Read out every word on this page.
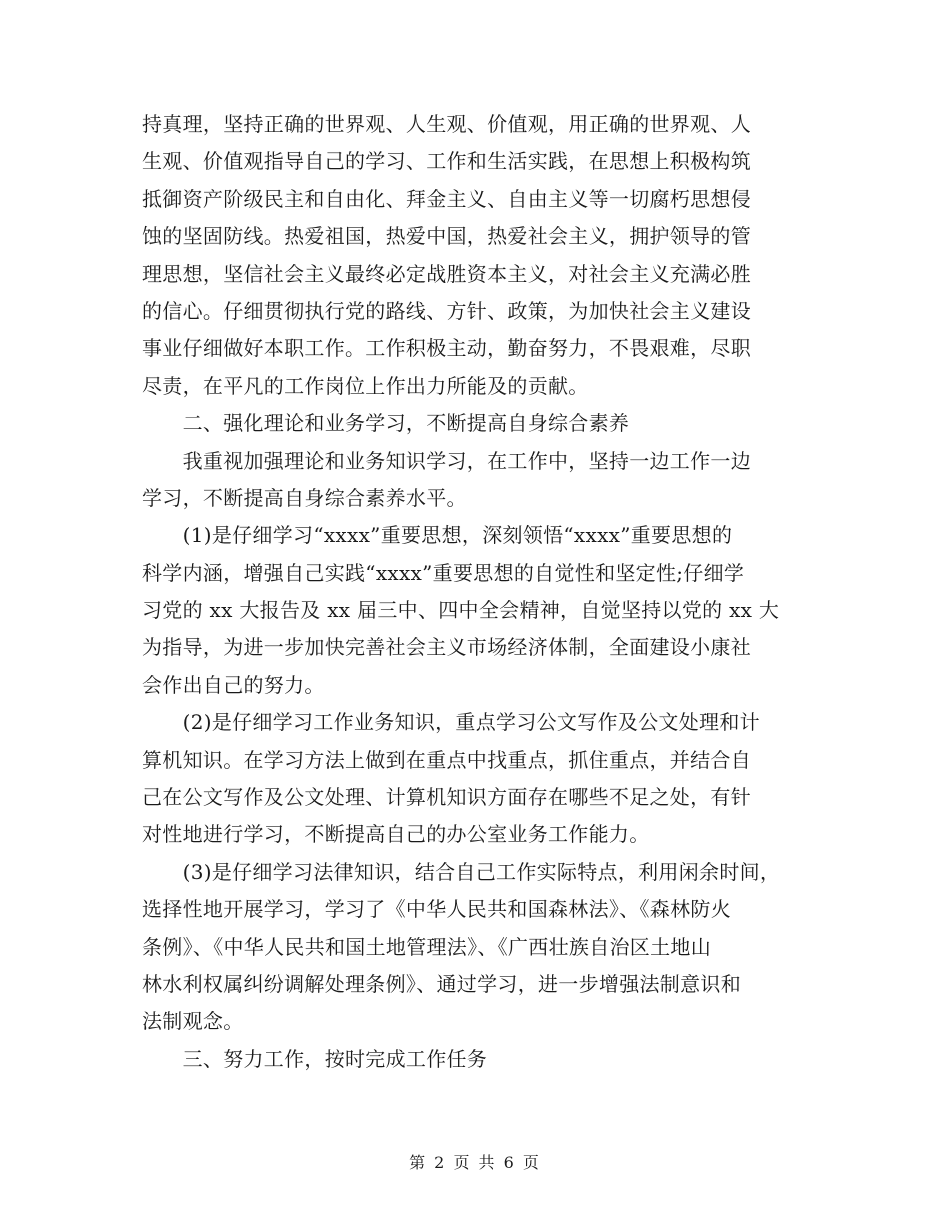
持真理，坚持正确的世界观、人生观、价值观，用正确的世界观、人
生观、价值观指导自己的学习、工作和生活实践，在思想上积极构筑
抵御资产阶级民主和自由化、拜金主义、自由主义等一切腐朽思想侵
蚀的坚固防线。热爱祖国，热爱中国，热爱社会主义，拥护领导的管
理思想，坚信社会主义最终必定战胜资本主义，对社会主义充满必胜
的信心。仔细贯彻执行党的路线、方针、政策，为加快社会主义建设
事业仔细做好本职工作。工作积极主动，勤奋努力，不畏艰难，尽职
尽责，在平凡的工作岗位上作出力所能及的贡献。
　　二、强化理论和业务学习，不断提高自身综合素养
　　我重视加强理论和业务知识学习，在工作中，坚持一边工作一边
学习，不断提高自身综合素养水平。
　　(1)是仔细学习“xxxx”重要思想，深刻领悟“xxxx”重要思想的
科学内涵，增强自己实践“xxxx”重要思想的自觉性和坚定性;仔细学
习党的 xx 大报告及 xx 届三中、四中全会精神，自觉坚持以党的 xx 大
为指导，为进一步加快完善社会主义市场经济体制，全面建设小康社
会作出自己的努力。
　　(2)是仔细学习工作业务知识，重点学习公文写作及公文处理和计
算机知识。在学习方法上做到在重点中找重点，抓住重点，并结合自
己在公文写作及公文处理、计算机知识方面存在哪些不足之处，有针
对性地进行学习，不断提高自己的办公室业务工作能力。
　　(3)是仔细学习法律知识，结合自己工作实际特点，利用闲余时间，
选择性地开展学习，学习了《中华人民共和国森林法》、《森林防火
条例》、《中华人民共和国土地管理法》、《广西壮族自治区土地山
林水利权属纠纷调解处理条例》、通过学习，进一步增强法制意识和
法制观念。
　　三、努力工作，按时完成工作任务
第 2 页 共 6 页
